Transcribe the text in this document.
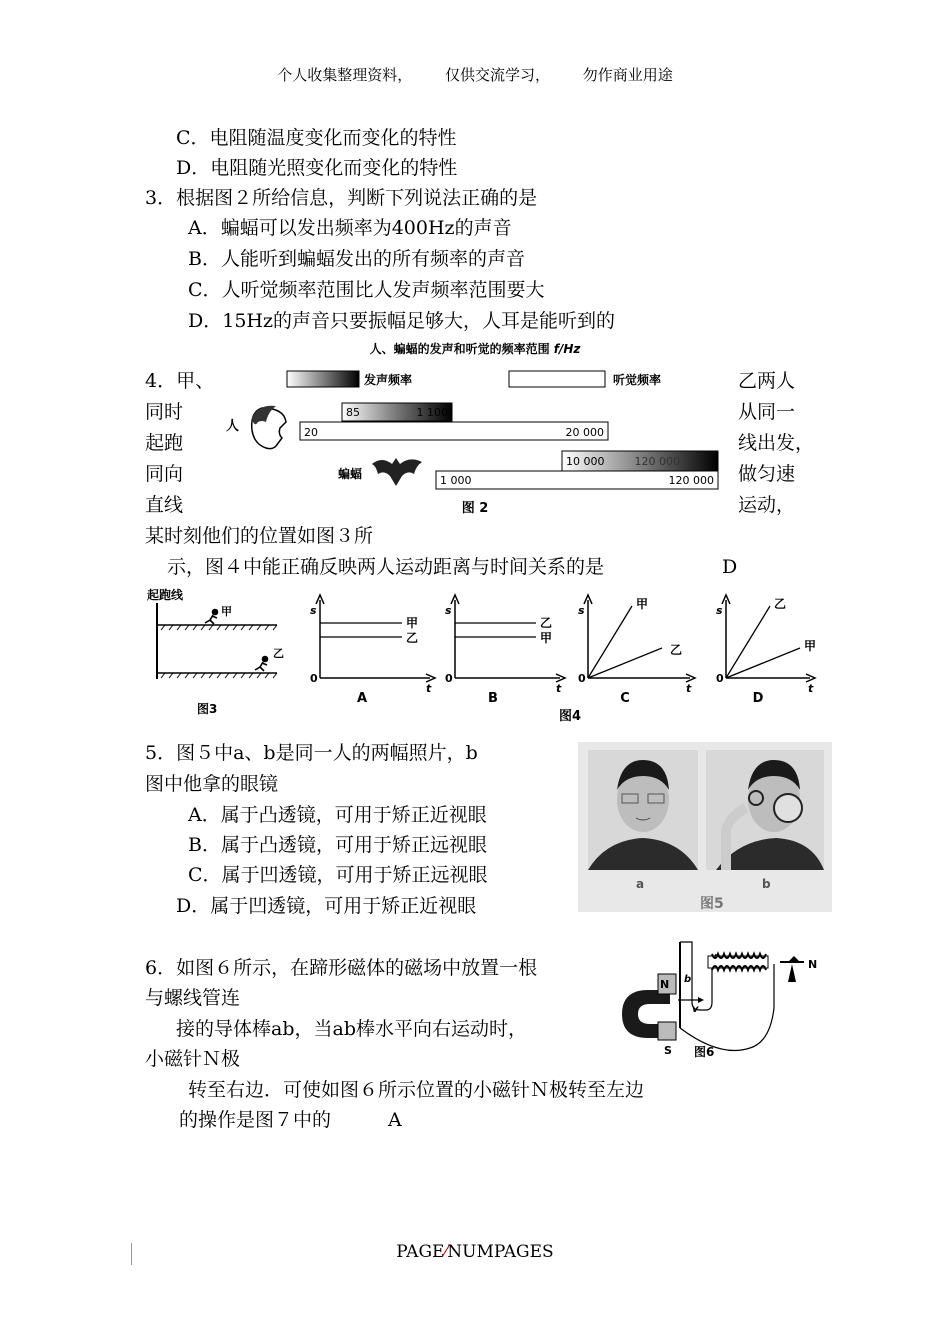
个人收集整理资料， 仅供交流学习， 勿作商业用途
C．电阻随温度变化而变化的特性
D．电阻随光照变化而变化的特性
3．根据图２所给信息，判断下列说法正确的是
A．蝙蝠可以发出频率为400Hz的声音
B．人能听到蝙蝠发出的所有频率的声音
C．人听觉频率范围比人发声频率范围要大
D．15Hz的声音只要振幅足够大，人耳是能听到的
人、蝙蝠的发声和听觉的频率范围 f/Hz
发声频率	听觉频率
人
85	1 100
20	20 000
蝙蝠
10 000	120 000
1 000	120 000
图 2
4．甲、
同时
起跑
同向
直线
乙两人
从同一
线出发，
做匀速
运动，
某时刻他们的位置如图３所
示，图４中能正确反映两人运动距离与时间关系的是	D
起跑线
甲
乙
图3
s
0
t
甲
乙
A
s
0
t
乙
甲
B
s
0
t
甲
乙
C
s
0
t
乙
甲
D
图4
5．图５中a、b是同一人的两幅照片，b
图中他拿的眼镜
A．属于凸透镜，可用于矫正近视眼
B．属于凸透镜，可用于矫正远视眼
C．属于凹透镜，可用于矫正远视眼
D．属于凹透镜，可用于矫正近视眼
a	b
图5
6．如图６所示，在蹄形磁体的磁场中放置一根
与螺线管连
接的导体棒ab，当ab棒水平向右运动时，
小磁针Ｎ极
转至右边．可使如图６所示位置的小磁针Ｎ极转至左边
的操作是图７中的	A
N
S
b
v
N
图6
PAGE⁄NUMPAGES
